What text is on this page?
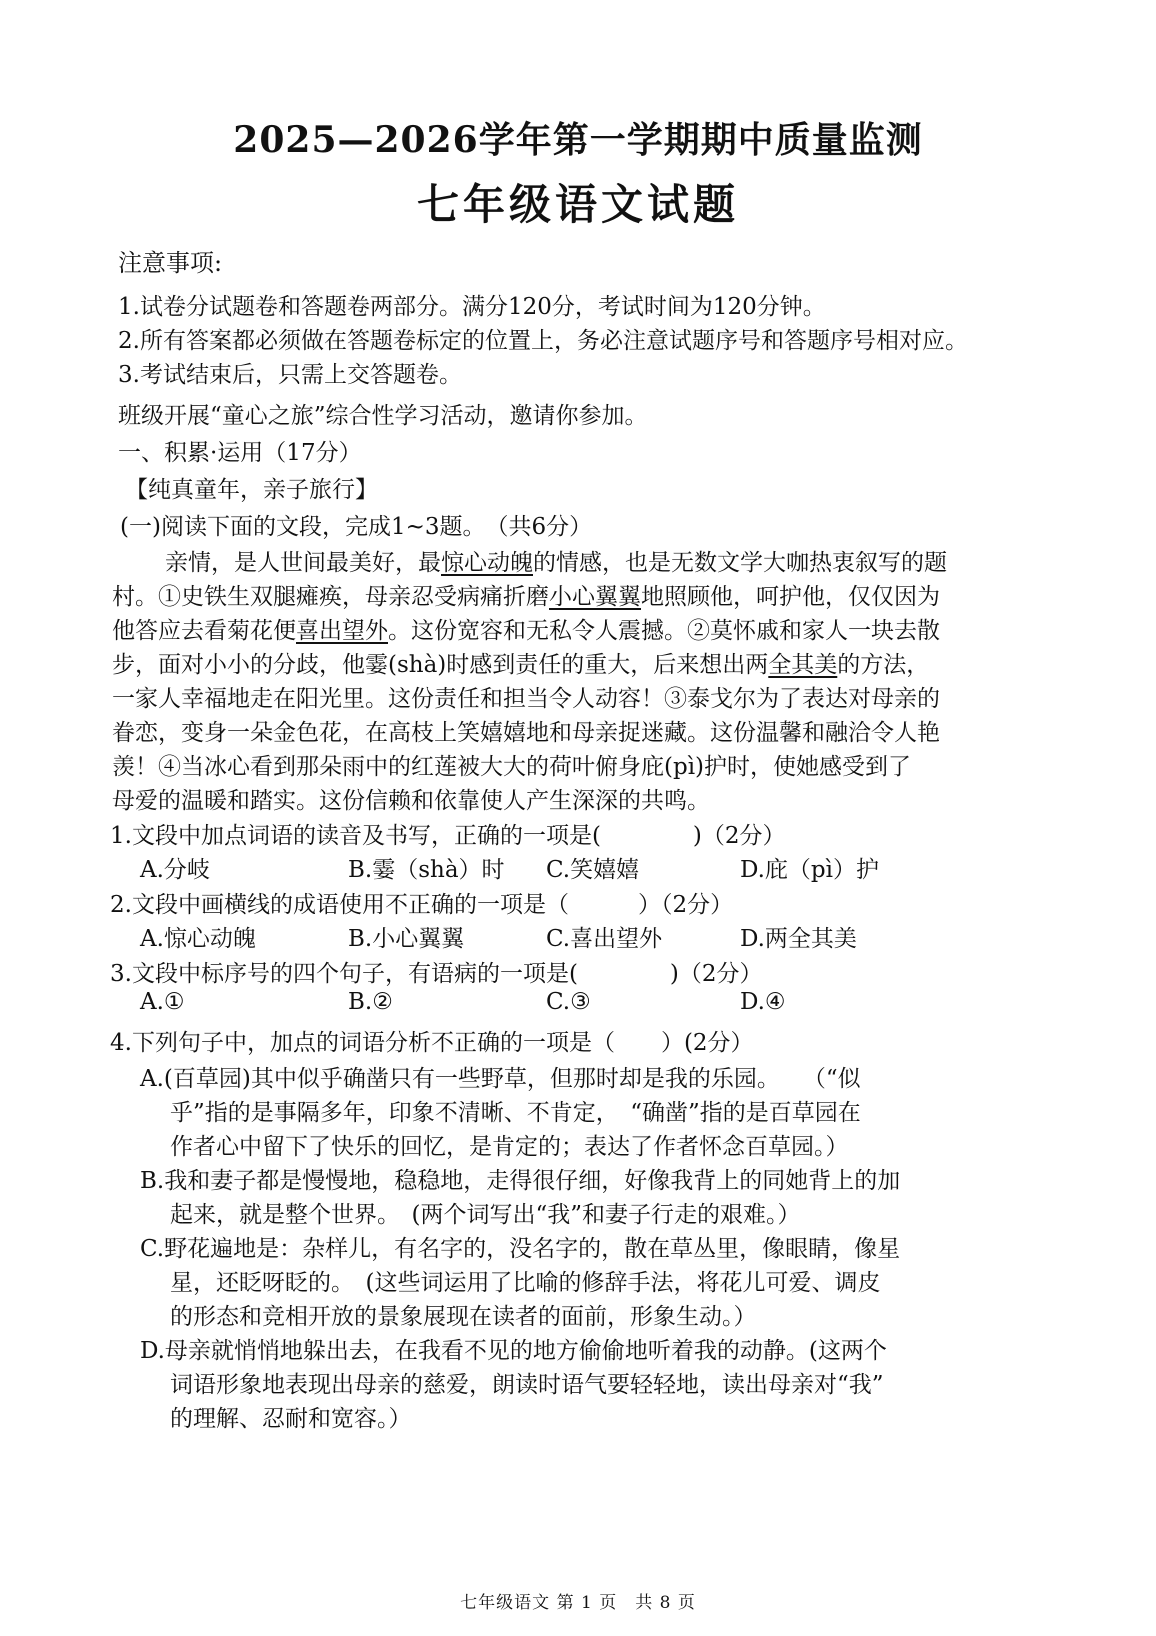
2025—2026学年第一学期期中质量监测
七年级语文试题
注意事项:
1.试卷分试题卷和答题卷两部分。满分120分，考试时间为120分钟。
2.所有答案都必须做在答题卷标定的位置上，务必注意试题序号和答题序号相对应。
3.考试结束后，只需上交答题卷。
班级开展“童心之旅”综合性学习活动，邀请你参加。
一、积累·运用（17分）
【纯真童年，亲子旅行】
(一)阅读下面的文段，完成1~3题。　（共6分）
亲情，是人世间最美好，最惊心动魄的情感，也是无数文学大咖热衷叙写的题
村。①史铁生双腿瘫痪，母亲忍受病痛折磨小心翼翼地照顾他，呵护他，仅仅因为
他答应去看菊花便喜出望外。这份宽容和无私令人震撼。②莫怀戚和家人一块去散
步，面对小小的分歧，他霎(shà)时感到责任的重大，后来想出两全其美的方法，
一家人幸福地走在阳光里。这份责任和担当令人动容！③泰戈尔为了表达对母亲的
眷恋，变身一朵金色花，在高枝上笑嬉嬉地和母亲捉迷藏。这份温馨和融洽令人艳
羡！④当冰心看到那朵雨中的红莲被大大的荷叶俯身庇(pì)护时，使她感受到了
母爱的温暖和踏实。这份信赖和依靠使人产生深深的共鸣。
1.文段中加点词语的读音及书写，正确的一项是(　　　　)（2分）
A.分岐	B.霎（shà）时 C.笑嬉嬉	D.庇（pì）护
2.文段中画横线的成语使用不正确的一项是（　　　）（2分）
A.惊心动魄	B.小心翼翼	C.喜出望外	D.两全其美
3.文段中标序号的四个句子，有语病的一项是(　　　　)（2分）
A.①	B.②	C.③	D.④
4.下列句子中，加点的词语分析不正确的一项是（　　）(2分）
A.(百草园)其中似乎确凿只有一些野草，但那时却是我的乐园。　　（“似
乎”指的是事隔多年，印象不清晰、不肯定，　“确凿”指的是百草园在
作者心中留下了快乐的回忆，是肯定的；表达了作者怀念百草园。）
B.我和妻子都是慢慢地，稳稳地，走得很仔细，好像我背上的同她背上的加
起来，就是整个世界。　(两个词写出“我”和妻子行走的艰难。）
C.野花遍地是：杂样儿，有名字的，没名字的，散在草丛里，像眼睛，像星
星，还眨呀眨的。　(这些词运用了比喻的修辞手法，将花儿可爱、调皮
的形态和竞相开放的景象展现在读者的面前，形象生动。）
D.母亲就悄悄地躲出去，在我看不见的地方偷偷地听着我的动静。(这两个
词语形象地表现出母亲的慈爱，朗读时语气要轻轻地，读出母亲对“我”
的理解、忍耐和宽容。）
七年级语文 第 1 页　共 8 页
